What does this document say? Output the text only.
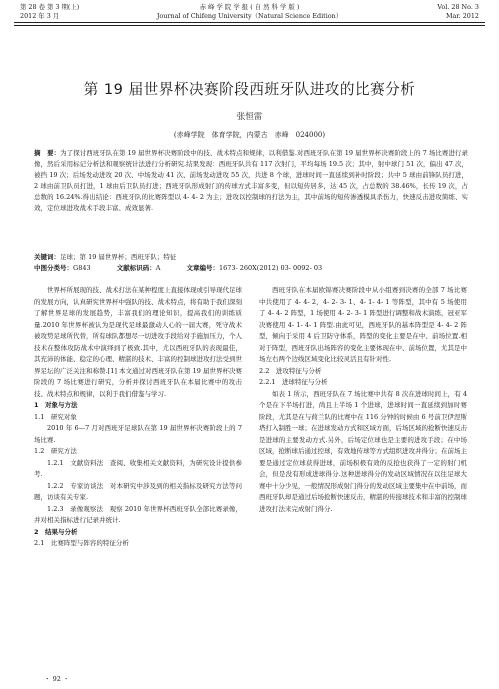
第 28 卷 第 3 期(上)
2012 年 3 月
赤 峰 学 院 学 报 ( 自 然 科 学 版 )
Journal of Chifeng University（Natural Science Edition）
Vol. 28 No. 3
Mar. 2012
第 19 届世界杯决赛阶段西班牙队进攻的比赛分析
张恒雷
(赤峰学院　体育学院，内蒙古　赤峰　024000)
摘　要：为了探讨西班牙队在第 19 届世界杯决赛阶段中的技、战术特点和规律，以利借鉴.对西班牙队在第 19 届世界杯决赛阶段上的 7 场比赛进行录像，然后采用标记分析法和观察统计法进行分析研究.结果发现：西班牙队共有 117 次射门，平均每场 19.5 次；其中，射中球门 51 次，偏出 47 次，被挡 19 次；后场发动进攻 20 次、中场发动 41 次、前场发动进攻 55 次，共进 8 个球，进球时间一直延续到补时阶段；共中 5 球由前锋队员打进，2 球由前卫队员打进，1 球由后卫队员打进；西班牙队形成射门的传球方式丰富多变，但以短传居多，达 45 次，占总数的 38.46%，长传 19 次，占总数的 16.24%.得出结论：西班牙队的比赛阵型以 4- 4- 2 为主；进攻以控制球的打法为主，其中前场的短传渗透模具杀伤力，快速反击进攻简练、实效，定位球进攻战术手段丰富、成效显著.
关键词：足球；第 19 届世界杯；西班牙队；特征
中图分类号：G843	文献标识码：A	文章编号：1673- 260X(2012) 03- 0092- 03

世界杯所展现的技、战术打法在某种程度上直接体现或引导现代足球的发展方向，认真研究世界杯中强队的技、战术特点，将有助于我们深刻了解世界足球的发展趋势，丰富我们的理论知识，提高我们的训练质量.2010 年世界杯被认为是现代足球最激动人心的一届大赛，死守战术被攻势足球所代替，所有球队都想尽一切进攻手段给对手施加压力，个人技术在整体攻防战术中演绎到了极致.其中，尤以西班牙队的表现最佳，其充沛的体能、稳定的心理、精湛的技术、丰富的控制球进攻打法受到世界足坛的广泛关注和称赞.[1] 本文通过对西班牙队在第 19 届世界杯决赛阶段的 7 场比赛进行研究，分析并探讨西班牙队在本届比赛中的攻击技、战术特点和规律，以利于我们借鉴与学习.

1　对象与方法

1.1　研究对象

2010 年 6—7 月对西班牙足球队在第 19 届世界杯决赛阶段上的 7 场比赛.

1.2　研究方法

1.2.1　文献资料法　查阅、收集相关文献资料，为研究设计提供参考.

1.2.2　专家访谈法　对本研究中涉及到的相关指标及研究方法等问题，访谈有关专家.

1.2.3　录像观察法　观察 2010 年世界杯西班牙队全部比赛录像，并对相关指标进行记录并统计.

2　结果与分析

2.1　比赛阵型与阵容的特征分析

西班牙队在本届欧锦赛决赛阶段中从小组赛到决赛的全部 7 场比赛中共使用了 4- 4- 2，4- 2- 3- 1、4- 1- 4- 1 等阵型，其中有 5 场使用了 4- 4- 2 阵型，1 场使用 4- 2- 3- 1 阵型进行调整和战术演练，冠亚军决赛使用 4- 1- 4- 1 阵型.由此可见，西班牙队的基本阵型是 4- 4- 2 阵型，倾向于采用 4 后卫防守体系，阵型的变化主要是在中、前场位置.相对于阵型，西班牙队出场阵容的变化主要体现在中、前场位置，尤其是中场左右两个边线区域变化比较灵活且有针对性.

2.2　进攻特征与分析

2.2.1　进球特征与分析

如表 1 所示，西班牙队在 7 场比赛中共有 8 次在进球时间上，有 4 个是在下半场打进，尚且上半场 1 个进球，进球时间一直延续到加时赛阶段，尤其是在与荷兰队的比赛中在 116 分钟的时候由 6 号前卫伊涅斯塔打入制胜一球；在进球发动方式和区域方面，后场区域的抢断快速反击是进球的主要发动方式.另外，后场定位球也是主要的进攻手段；在中场区域，抢断球后通过控球，有效地传球等方式组织进攻并得分；在前场主要是通过定位球获得进球，前场积极有效的反抢也获得了一定的射门机会，但是没有形成进球得分.这种进球得分的发动区域情况在以往足球大赛中十分少见，一般情况形成射门得分的发动区域主要集中在中前场，而西班牙队却是通过后场抢断快速反击，精湛的传接球技术和丰富的控制球进攻打法来完成射门得分.

・ 92 ・
